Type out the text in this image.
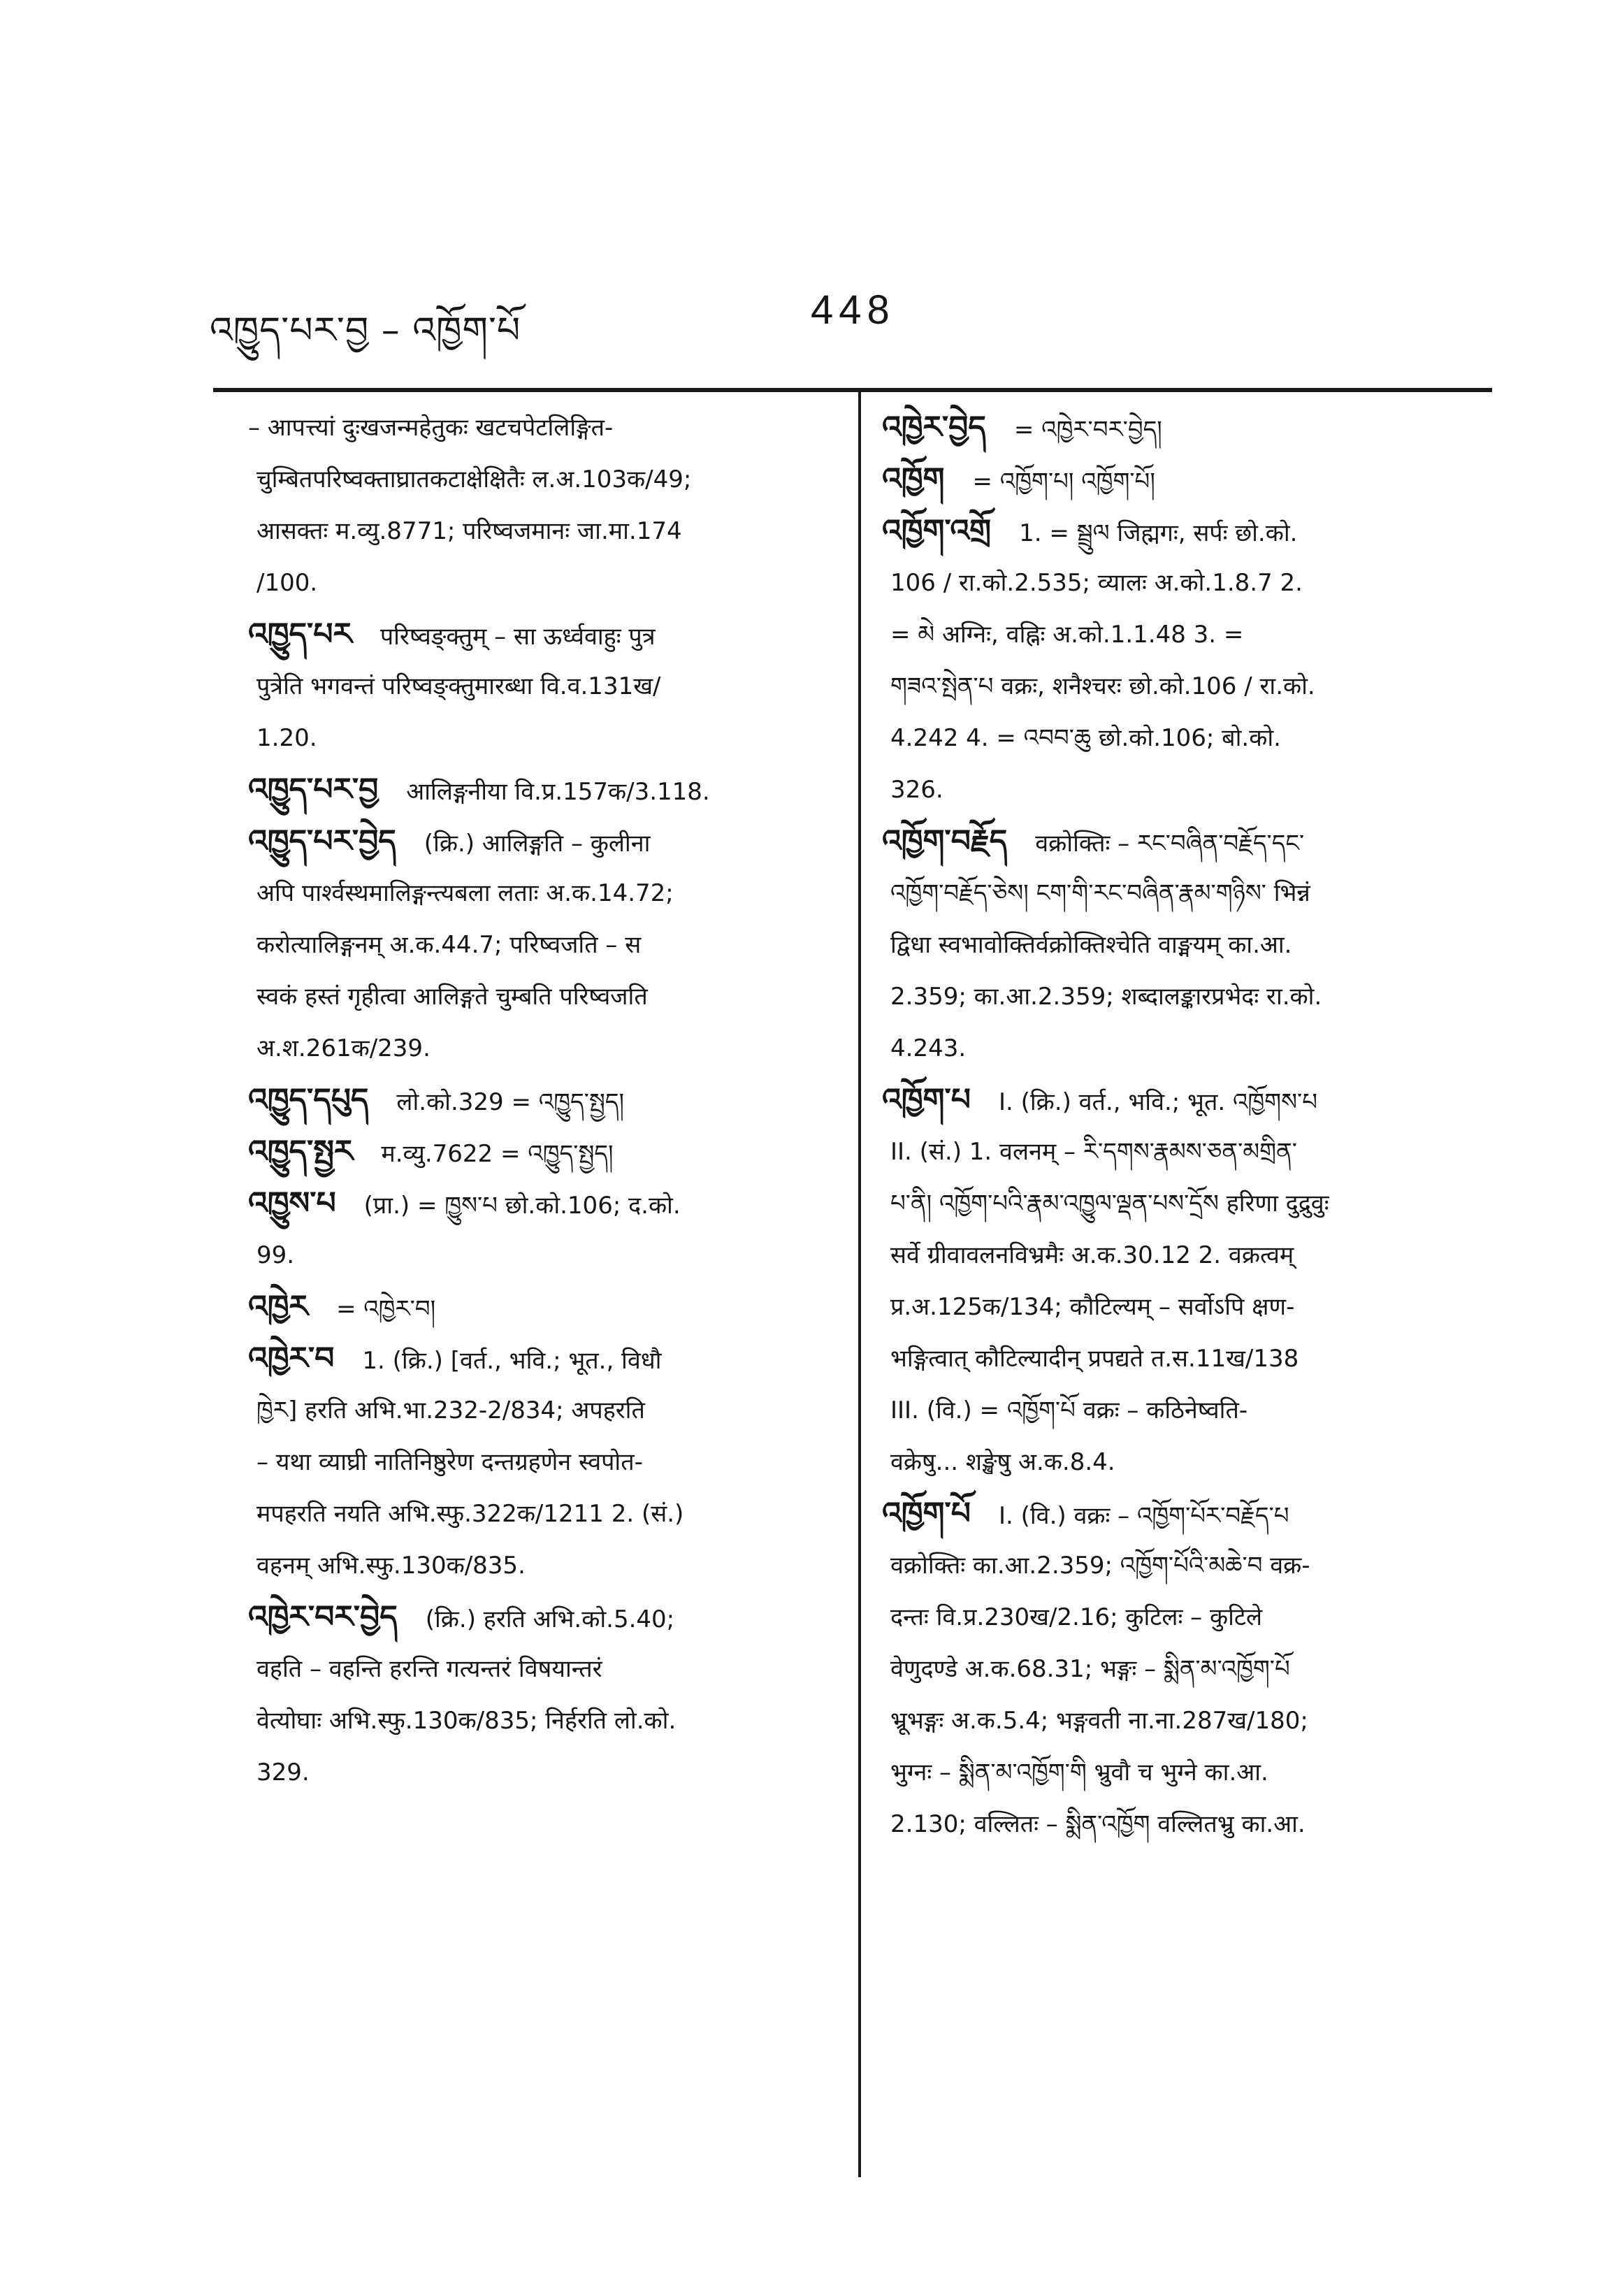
འཁྱུད་པར་བྱ – འཁྱོག་པོ	448
– आपत्त्यां दुःखजन्महेतुकः खटचपेटलिङ्गित-
चुम्बितपरिष्वक्ताघ्रातकटाक्षेक्षितैः ल.अ.103क/49;
आसक्तः म.व्यु.8771; परिष्वजमानः जा.मा.174
/100.
འཁྱུད་པར परिष्वङ्क्तुम् – सा ऊर्ध्ववाहुः पुत्र
पुत्रेति भगवन्तं परिष्वङ्क्तुमारब्धा वि.व.131ख/
1.20.
འཁྱུད་པར་བྱ आलिङ्गनीया वि.प्र.157क/3.118.
འཁྱུད་པར་བྱེད (क्रि.) आलिङ्गति – कुलीना
अपि पार्श्वस्थमालिङ्गन्त्यबला लताः अ.क.14.72;
करोत्यालिङ्गनम् अ.क.44.7; परिष्वजति – स
स्वकं हस्तं गृहीत्वा आलिङ्गते चुम्बति परिष्वजति
अ.श.261क/239.
འཁྱུད་དཔུད लो.को.329 = འཁྱུད་སྤྱད།
འཁྱུད་སྤྱར म.व्यु.7622 = འཁྱུད་སྤྱད།
འཁྱུས་པ (प्रा.) = ཁྱུས་པ छो.को.106; द.को.
99.
འཁྱེར = འཁྱེར་བ།
འཁྱེར་བ 1. (क्रि.) [वर्त., भवि.; भूत., विधौ
ཁྱེར] हरति अभि.भा.232-2/834; अपहरति
– यथा व्याघ्री नातिनिष्ठुरेण दन्तग्रहणेन स्वपोत-
मपहरति नयति अभि.स्फु.322क/1211 2. (सं.)
वहनम् अभि.स्फु.130क/835.
འཁྱེར་བར་བྱེད (क्रि.) हरति अभि.को.5.40;
वहति – वहन्ति हरन्ति गत्यन्तरं विषयान्तरं
वेत्योघाः अभि.स्फु.130क/835; निर्हरति लो.को.
329.
འཁྱེར་བྱེད = འཁྱེར་བར་བྱེད།
འཁྱོག = འཁྱོག་པ། འཁྱོག་པོ།
འཁྱོག་འགྲོ 1. = སྦྲུལ जिह्मगः, सर्पः छो.को.
106 / रा.को.2.535; व्यालः अ.को.1.8.7 2.
= མེ अग्निः, वह्निः अ.को.1.1.48 3. =
གཟའ་སྤེན་པ वक्रः, शनैश्चरः छो.को.106 / रा.को.
4.242 4. = འབབ་ཆུ छो.को.106; बो.को.
326.
འཁྱོག་བརྗོད वक्रोक्तिः – རང་བཞིན་བརྗོད་དང་
འཁྱོག་བརྗོད་ཅེས། ངག་གི་རང་བཞིན་རྣམ་གཉིས་ भिन्नं
द्विधा स्वभावोक्तिर्वक्रोक्तिश्चेति वाङ्मयम् का.आ.
2.359; का.आ.2.359; शब्दालङ्कारप्रभेदः रा.को.
4.243.
འཁྱོག་པ I. (क्रि.) वर्त., भवि.; भूत. འཁྱོགས་པ
II. (सं.) 1. वलनम् – རི་དགས་རྣམས་ཅན་མགྲིན་
པ་ནི། འཁྱོག་པའི་རྣམ་འཁྱུལ་ལྡན་པས་དྲོས हरिणा दुद्रुवुः
सर्वे ग्रीवावलनविभ्रमैः अ.क.30.12 2. वक्रत्वम्
प्र.अ.125क/134; कौटिल्यम् – सर्वोऽपि क्षण-
भङ्गित्वात् कौटिल्यादीन् प्रपद्यते त.स.11ख/138
III. (वि.) = འཁྱོག་པོ वक्रः – कठिनेष्वति-
वक्रेषु... शङ्खेषु अ.क.8.4.
འཁྱོག་པོ I. (वि.) वक्रः – འཁྱོག་པོར་བརྗོད་པ
वक्रोक्तिः का.आ.2.359; འཁྱོག་པོའི་མཆེ་བ वक्र-
दन्तः वि.प्र.230ख/2.16; कुटिलः – कुटिले
वेणुदण्डे अ.क.68.31; भङ्गः – སྨིན་མ་འཁྱོག་པོ
भ्रूभङ्गः अ.क.5.4; भङ्गवती ना.ना.287ख/180;
भुग्नः – སྨིན་མ་འཁྱོག་གི भ्रुवौ च भुग्ने का.आ.
2.130; वल्लितः – སྨིན་འཁྱོག वल्लितभ्रु का.आ.
